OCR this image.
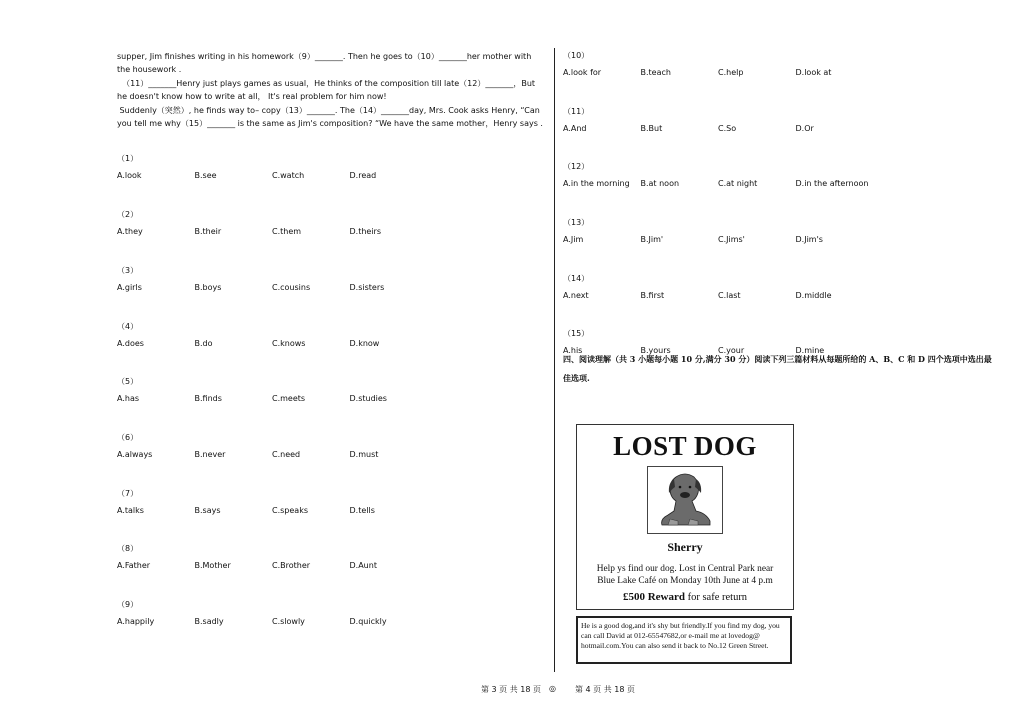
supper, Jim finishes writing in his homework（9）_______. Then he goes to（10）_______her mother with the housework .

（11）_______Henry just plays games as usual，He thinks of the composition till late（12）_______，But he doesn't know how to write at all， It's real problem for him now!

Suddenly（突然）, he finds way to– copy（13）_______. The（14）_______day, Mrs. Cook asks Henry, “Can you tell me why（15）_______ is the same as Jim's composition? “We have the same mother，Henry says .

（1）
A.look	B.see	C.watch	D.read
（2）
A.they	B.their	C.them	D.theirs
（3）
A.girls	B.boys	C.cousins	D.sisters
（4）
A.does	B.do	C.knows	D.know
（5）
A.has	B.finds	C.meets	D.studies
（6）
A.always	B.never	C.need	D.must
（7）
A.talks	B.says	C.speaks	D.tells
（8）
A.Father	B.Mother	C.Brother	D.Aunt
（9）
A.happily	B.sadly	C.slowly	D.quickly
（10）
A.look for	B.teach	C.help	D.look at
（11）
A.And	B.But	C.So	D.Or
（12）
A.in the morning	B.at noon	C.at night	D.in the afternoon
（13）
A.Jim	B.Jim'	C.Jims'	D.Jim's
（14）
A.next	B.first	C.last	D.middle
（15）
A.his	B.yours	C.your	D.mine
四、阅读理解（共 3 小题每小题 10 分,满分 30 分）阅读下列三篇材料从每题所给的 A、B、C 和 D 四个选项中选出最佳选项.
LOST DOG
Sherry
Help ys find our dog. Lost in Central Park near
Blue Lake Café on Monday 10th June at 4 p.m
£500 Reward for safe return
He is a good dog,and it's shy but friendly.If you find my dog, you can call David at 012-65547682,or e-mail me at lovedog@ hotmail.com.You can also send it back to No.12 Green Street.
第 3 页 共 18 页 ◎ 第 4 页 共 18 页
